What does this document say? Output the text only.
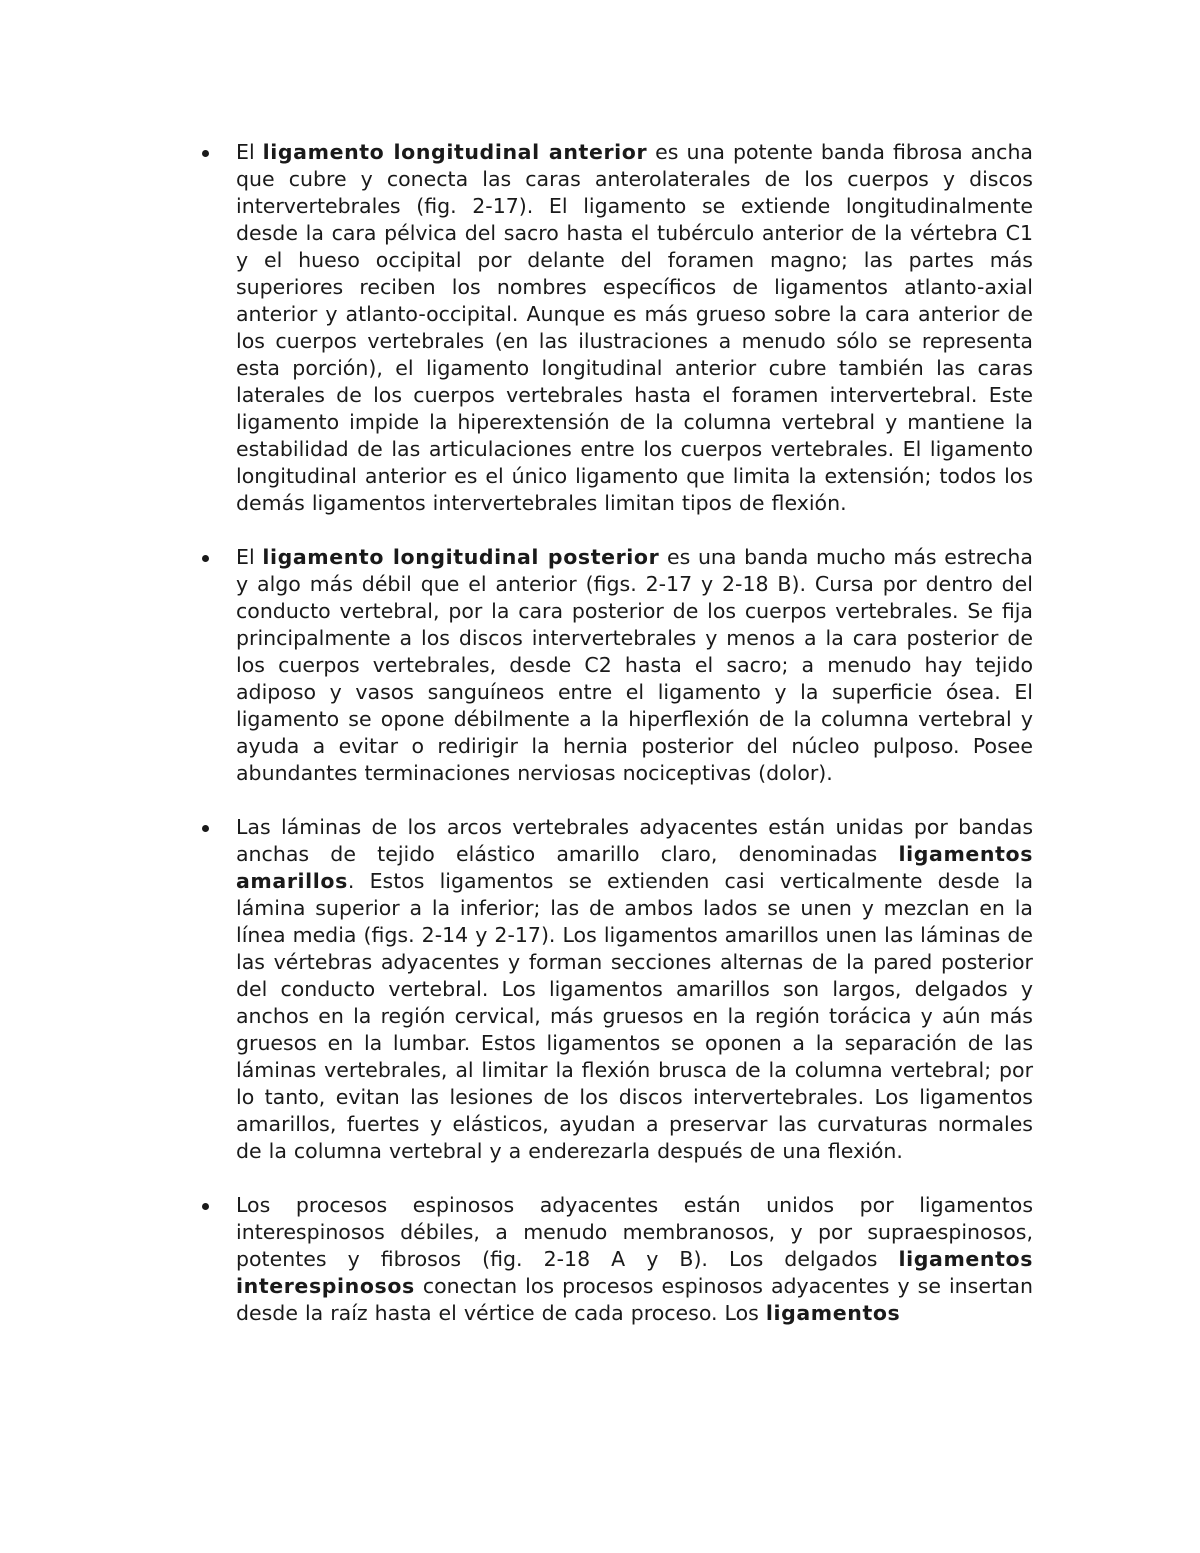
El ligamento longitudinal anterior es una potente banda fibrosa ancha que cubre y conecta las caras anterolaterales de los cuerpos y discos intervertebrales (fig. 2-17). El ligamento se extiende longitudinalmente desde la cara pélvica del sacro hasta el tubérculo anterior de la vértebra C1 y el hueso occipital por delante del foramen magno; las partes más superiores reciben los nombres específicos de ligamentos atlanto-axial anterior y atlanto-occipital. Aunque es más grueso sobre la cara anterior de los cuerpos vertebrales (en las ilustraciones a menudo sólo se representa esta porción), el ligamento longitudinal anterior cubre también las caras laterales de los cuerpos vertebrales hasta el foramen intervertebral. Este ligamento impide la hiperextensión de la columna vertebral y mantiene la estabilidad de las articulaciones entre los cuerpos vertebrales. El ligamento longitudinal anterior es el único ligamento que limita la extensión; todos los demás ligamentos intervertebrales limitan tipos de flexión.
El ligamento longitudinal posterior es una banda mucho más estrecha y algo más débil que el anterior (figs. 2-17 y 2-18 B). Cursa por dentro del conducto vertebral, por la cara posterior de los cuerpos vertebrales. Se fija principalmente a los discos intervertebrales y menos a la cara posterior de los cuerpos vertebrales, desde C2 hasta el sacro; a menudo hay tejido adiposo y vasos sanguíneos entre el ligamento y la superficie ósea. El ligamento se opone débilmente a la hiperflexión de la columna vertebral y ayuda a evitar o redirigir la hernia posterior del núcleo pulposo. Posee abundantes terminaciones nerviosas nociceptivas (dolor).
Las láminas de los arcos vertebrales adyacentes están unidas por bandas anchas de tejido elástico amarillo claro, denominadas ligamentos amarillos. Estos ligamentos se extienden casi verticalmente desde la lámina superior a la inferior; las de ambos lados se unen y mezclan en la línea media (figs. 2-14 y 2-17). Los ligamentos amarillos unen las láminas de las vértebras adyacentes y forman secciones alternas de la pared posterior del conducto vertebral. Los ligamentos amarillos son largos, delgados y anchos en la región cervical, más gruesos en la región torácica y aún más gruesos en la lumbar. Estos ligamentos se oponen a la separación de las láminas vertebrales, al limitar la flexión brusca de la columna vertebral; por lo tanto, evitan las lesiones de los discos intervertebrales. Los ligamentos amarillos, fuertes y elásticos, ayudan a preservar las curvaturas normales de la columna vertebral y a enderezarla después de una flexión.
Los procesos espinosos adyacentes están unidos por ligamentos interespinosos débiles, a menudo membranosos, y por supraespinosos, potentes y fibrosos (fig. 2-18 A y B). Los delgados ligamentos interespinosos conectan los procesos espinosos adyacentes y se insertan desde la raíz hasta el vértice de cada proceso. Los ligamentos
